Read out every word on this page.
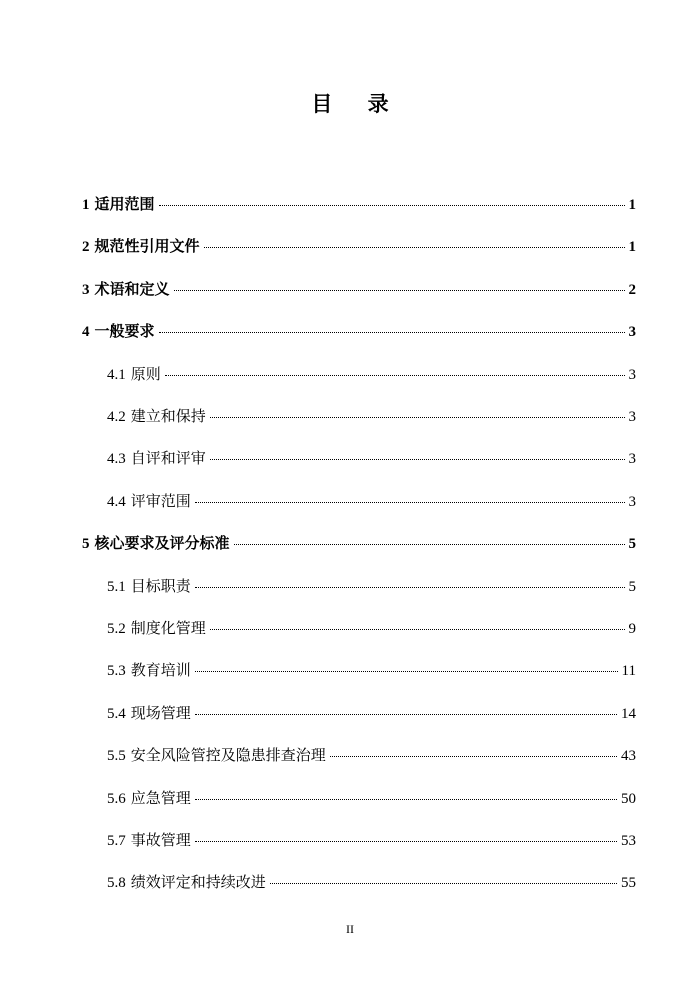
目 录
1 适用范围	1
2 规范性引用文件	1
3 术语和定义	2
4 一般要求	3
4.1 原则	3
4.2 建立和保持	3
4.3 自评和评审	3
4.4 评审范围	3
5 核心要求及评分标准	5
5.1 目标职责	5
5.2 制度化管理	9
5.3 教育培训	11
5.4 现场管理	14
5.5 安全风险管控及隐患排查治理	43
5.6 应急管理	50
5.7 事故管理	53
5.8 绩效评定和持续改进	55
II
